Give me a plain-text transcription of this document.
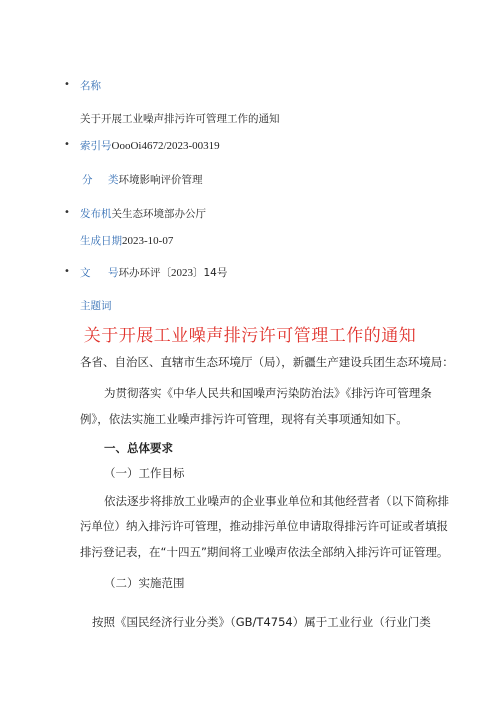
• 名称
关于开展工业噪声排污许可管理工作的通知
• 索引号OooOi4672/2023-00319
分 类环境影响评价管理
• 发布机关生态环境部办公厅
生成日期2023-10-07
• 文 号环办环评〔2023〕14号
主题词
关于开展工业噪声排污许可管理工作的通知
各省、自治区、直辖市生态环境厅（局），新疆生产建设兵团生态环境局：
为贯彻落实《中华人民共和国噪声污染防治法》《排污许可管理条
例》，依法实施工业噪声排污许可管理，现将有关事项通知如下。
一、总体要求
（一）工作目标
依法逐步将排放工业噪声的企业事业单位和其他经营者（以下简称排
污单位）纳入排污许可管理，推动排污单位申请取得排污许可证或者填报
排污登记表，在“十四五”期间将工业噪声依法全部纳入排污许可证管理。
（二）实施范围
按照《国民经济行业分类》（GB/T4754）属于工业行业（行业门类
